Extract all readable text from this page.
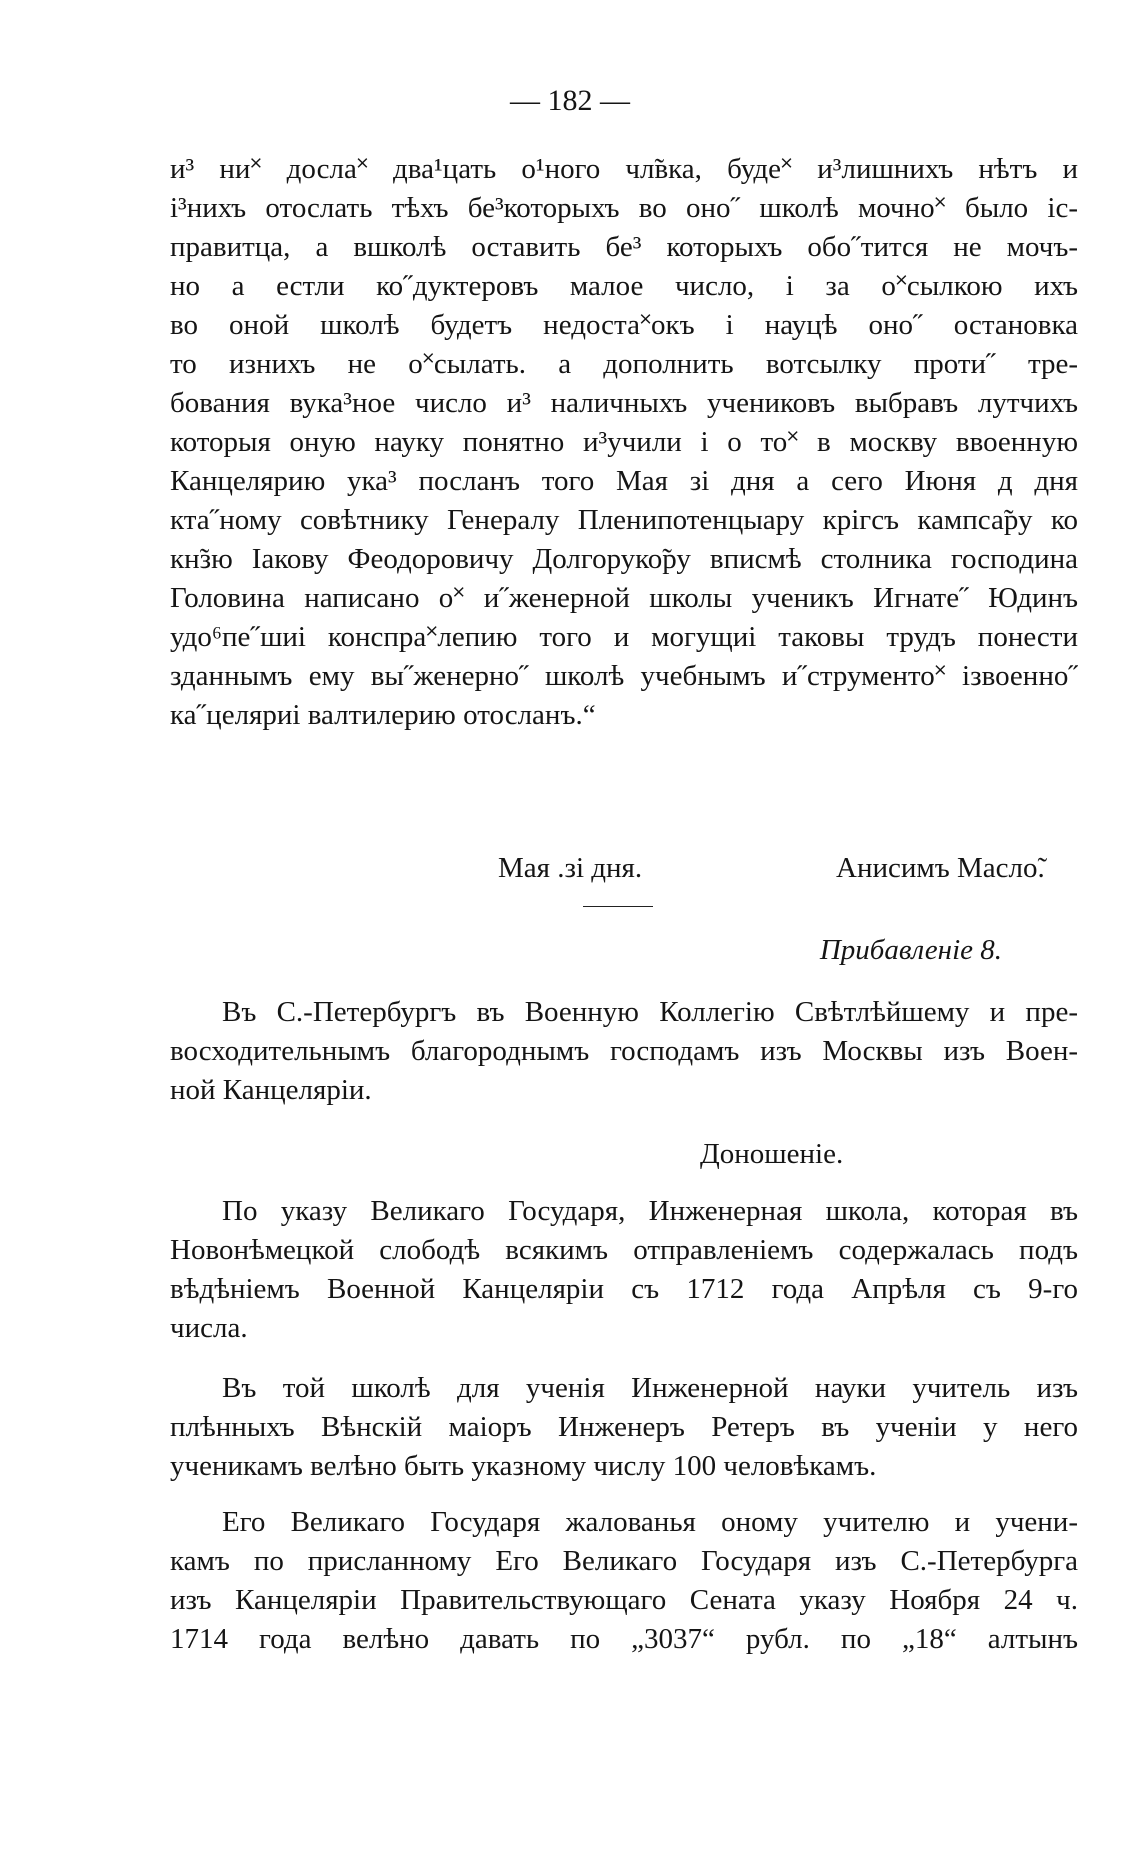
— 182 —
и³ ни˟ досла˟ два¹цать о¹ного чл̃вка, буде˟ и³лишнихъ нѣтъ и
і³нихъ отослать тѣхъ бе³которыхъ во оно˝ школѣ мочно˟ было іс-
правитца, а вшколѣ оставить бе³ которыхъ обо˝тится не мочъ-
но а естли ко˝дуктеровъ малое число, і за о˟сылкою ихъ
во оной школѣ будетъ недоста˟окъ і науцѣ оно˝ остановка
то изнихъ не о˟сылать. а дополнить вотсылку проти˝ тре-
бования вука³ное число и³ наличныхъ учениковъ выбравъ лутчихъ
которыя оную науку понятно и³учили і о то˟ в москву ввоенную
Канцелярию ука³ посланъ того Мая зі дня а сего Июня д дня
кта˝ному совѣтнику Генералу Пленипотенцыару крігсъ кампса̃ру ко
кн̃зю Іакову Феодоровичу Долгоруко̃ру вписмѣ столника господина
Головина написано о˟ и˝женерной школы ученикъ Игнате˝ Юдинъ
удо⁶пе˝шиі конспра˟лепию того и могущиі таковы трудъ понести
зданнымъ ему вы˝женерно˝ школѣ учебнымъ и˝струменто˟ ізвоенно˝
ка˝целяриі валтилерию отосланъ.“
Мая .зі дня.	Анисимъ Масло̃.
Прибавленіе 8.
Въ С.-Петербургъ въ Военную Коллегію Свѣтлѣйшему и пре-
восходительнымъ благороднымъ господамъ изъ Москвы изъ Воен-
ной Канцеляріи.
Доношеніе.
По указу Великаго Государя, Инженерная школа, которая въ
Новонѣмецкой слободѣ всякимъ отправленіемъ содержалась подъ
вѣдѣніемъ Военной Канцеляріи съ 1712 года Апрѣля съ 9-го
числа.
Въ той школѣ для ученія Инженерной науки учитель изъ
плѣнныхъ Вѣнскій маіоръ Инженеръ Ретеръ въ ученіи у него
ученикамъ велѣно быть указному числу 100 человѣкамъ.
Его Великаго Государя жалованья оному учителю и учени-
камъ по присланному Его Великаго Государя изъ С.-Петербурга
изъ Канцеляріи Правительствующаго Сената указу Ноября 24 ч.
1714 года велѣно давать по „3037“ рубл. по „18“ алтынъ
